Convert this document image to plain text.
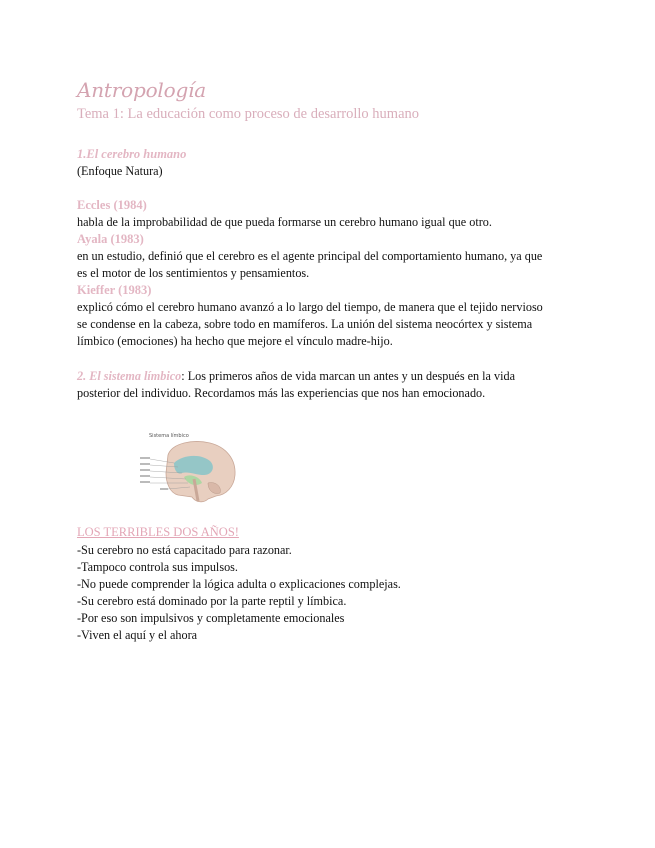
Antropología
Tema 1: La educación como proceso de desarrollo humano
1.El cerebro humano
(Enfoque Natura)
Eccles (1984)
habla de la improbabilidad de que pueda formarse un cerebro humano igual que otro.
Ayala (1983)
en un estudio, definió que el cerebro es el agente principal del comportamiento humano, ya que
es el motor de los sentimientos y pensamientos.
Kieffer (1983)
explicó cómo el cerebro humano avanzó a lo largo del tiempo, de manera que el tejido nervioso
se condense en la cabeza, sobre todo en mamíferos. La unión del sistema neocórtex y sistema
límbico (emociones) ha hecho que mejore el vínculo madre-hijo.
2. El sistema límbico: Los primeros años de vida marcan un antes y un después en la vida
posterior del individuo. Recordamos más las experiencias que nos han emocionado.
Sistema límbico
LOS TERRIBLES DOS AÑOS!
-Su cerebro no está capacitado para razonar.
-Tampoco controla sus impulsos.
-No puede comprender la lógica adulta o explicaciones complejas.
-Su cerebro está dominado por la parte reptil y límbica.
-Por eso son impulsivos y completamente emocionales
-Viven el aquí y el ahora
